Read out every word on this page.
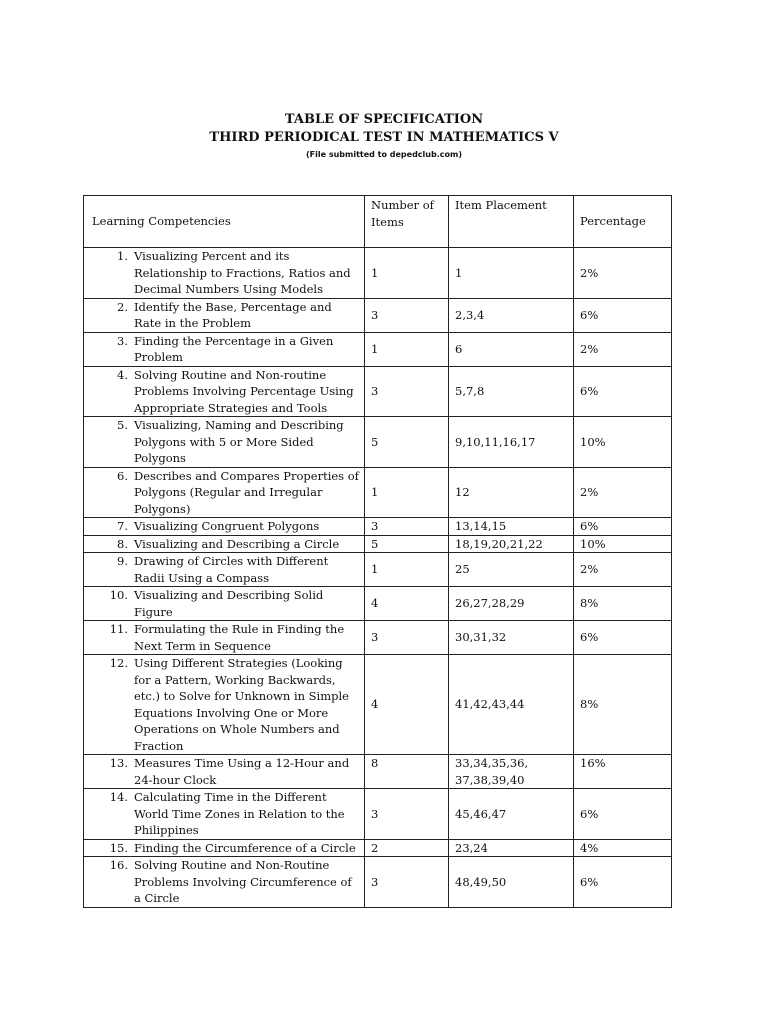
TABLE OF SPECIFICATION
THIRD PERIODICAL TEST IN MATHEMATICS V
(File submitted to depedclub.com)
Learning Competencies	Number of Items	Item Placement	Percentage

1. Visualizing Percent and its Relationship to Fractions, Ratios and Decimal Numbers Using Models	1	1	2%

2. Identify the Base, Percentage and Rate in the Problem	3	2,3,4	6%

3. Finding the Percentage in a Given Problem	1	6	2%

4. Solving Routine and Non-routine Problems Involving Percentage Using Appropriate Strategies and Tools	3	5,7,8	6%

5. Visualizing, Naming and Describing Polygons with 5 or More Sided Polygons	5	9,10,11,16,17	10%

6. Describes and Compares Properties of Polygons (Regular and Irregular Polygons)	1	12	2%

7. Visualizing Congruent Polygons	3	13,14,15	6%

8. Visualizing and Describing a Circle	5	18,19,20,21,22	10%

9. Drawing of Circles with Different Radii Using a Compass	1	25	2%

10. Visualizing and Describing Solid Figure	4	26,27,28,29	8%

11. Formulating the Rule in Finding the Next Term in Sequence	3	30,31,32	6%

12. Using Different Strategies (Looking for a Pattern, Working Backwards, etc.) to Solve for Unknown in Simple Equations Involving One or More Operations on Whole Numbers and Fraction	4	41,42,43,44	8%

13. Measures Time Using a 12-Hour and 24-hour Clock	8	33,34,35,36, 37,38,39,40	16%

14. Calculating Time in the Different World Time Zones in Relation to the Philippines	3	45,46,47	6%

15. Finding the Circumference of a Circle	2	23,24	4%

16. Solving Routine and Non-Routine Problems Involving Circumference of a Circle	3	48,49,50	6%
